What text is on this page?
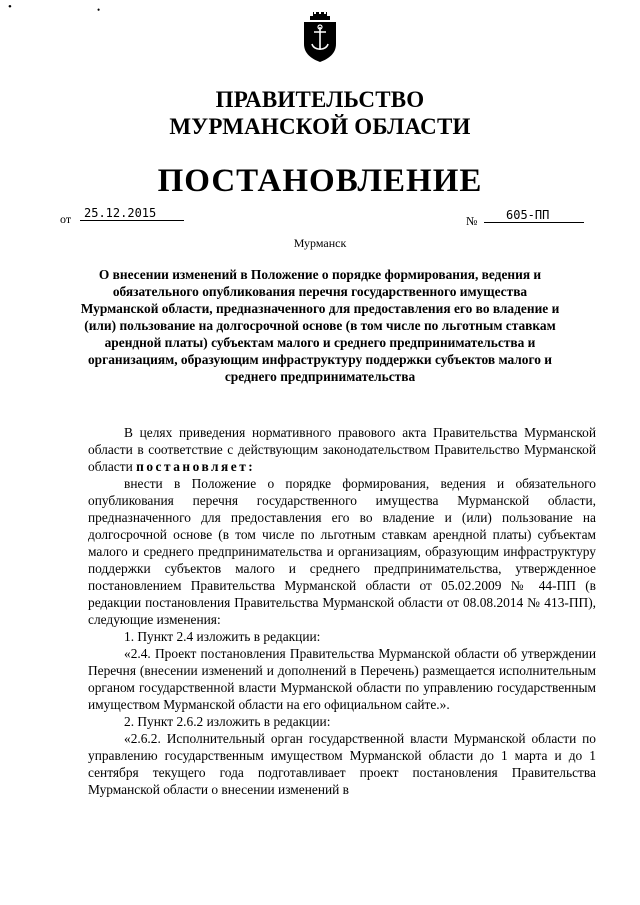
•	•
ПРАВИТЕЛЬСТВО
МУРМАНСКОЙ ОБЛАСТИ
ПОСТАНОВЛЕНИЕ
от	25.12.2015
№	605-ПП
Мурманск

О внесении изменений в Положение о порядке формирования, ведения и обязательного опубликования перечня государственного имущества Мурманской области, предназначенного для предоставления его во владение и (или) пользование на долгосрочной основе (в том числе по льготным ставкам арендной платы) субъектам малого и среднего предпринимательства и организациям, образующим инфраструктуру поддержки субъектов малого и среднего предпринимательства

В целях приведения нормативного правового акта Правительства Мурманской области в соответствие с действующим законодательством Правительство Мурманской области постановляет:

внести в Положение о порядке формирования, ведения и обязательного опубликования перечня государственного имущества Мурманской области, предназначенного для предоставления его во владение и (или) пользование на долгосрочной основе (в том числе по льготным ставкам арендной платы) субъектам малого и среднего предпринимательства и организациям, образующим инфраструктуру поддержки субъектов малого и среднего предпринимательства, утвержденное постановлением Правительства Мурманской области от 05.02.2009 № 44-ПП (в редакции постановления Правительства Мурманской области от 08.08.2014 № 413-ПП), следующие изменения:

1. Пункт 2.4 изложить в редакции:

«2.4. Проект постановления Правительства Мурманской области об утверждении Перечня (внесении изменений и дополнений в Перечень) размещается исполнительным органом государственной власти Мурманской области по управлению государственным имуществом Мурманской области на его официальном сайте.».

2. Пункт 2.6.2 изложить в редакции:

«2.6.2. Исполнительный орган государственной власти Мурманской области по управлению государственным имуществом Мурманской области до 1 марта и до 1 сентября текущего года подготавливает проект постановления Правительства Мурманской области о внесении изменений в
